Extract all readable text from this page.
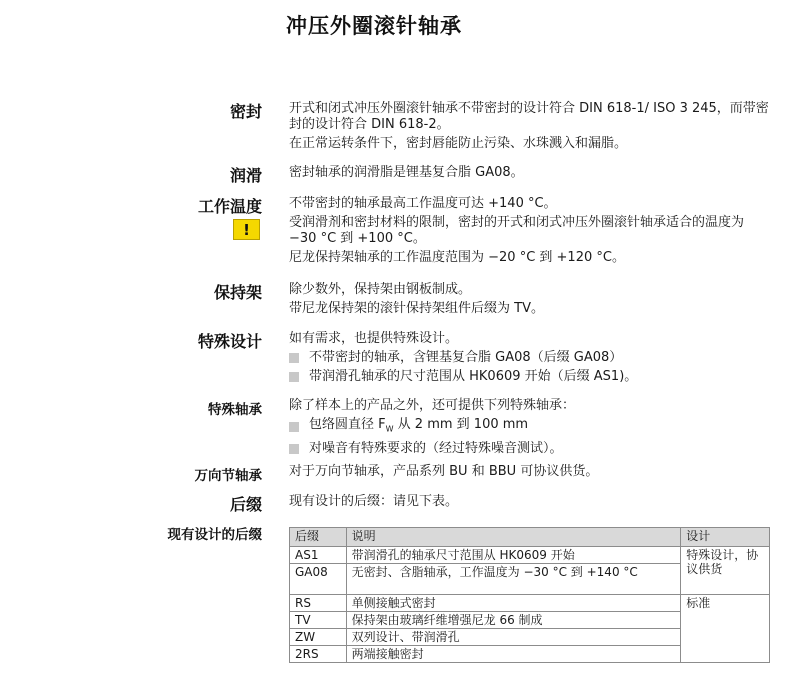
冲压外圈滚针轴承
密封 开式和闭式冲压外圈滚针轴承不带密封的设计符合 DIN 618-1/ ISO 3 245，而带密封的设计符合 DIN 618-2。

在正常运转条件下，密封唇能防止污染、水珠溅入和漏脂。

润滑 密封轴承的润滑脂是锂基复合脂 GA08。

工作温度
!

不带密封的轴承最高工作温度可达 +140 °C。

受润滑剂和密封材料的限制，密封的开式和闭式冲压外圈滚针轴承适合的温度为 −30 °C 到 +100 °C。

尼龙保持架轴承的工作温度范围为 −20 °C 到 +120 °C。

保持架 除少数外，保持架由钢板制成。

带尼龙保持架的滚针保持架组件后缀为 TV。

特殊设计 如有需求，也提供特殊设计。

不带密封的轴承，含锂基复合脂 GA08（后缀 GA08）
带润滑孔轴承的尺寸范围从 HK0609 开始（后缀 AS1)。
特殊轴承 除了样本上的产品之外，还可提供下列特殊轴承：

包络圆直径 $F_W$ 从 2 mm 到 100 mm
对噪音有特殊要求的（经过特殊噪音测试）。
万向节轴承 对于万向节轴承，产品系列 BU 和 BBU 可协议供货。

后缀 现有设计的后缀：请见下表。

现有设计的后缀	后缀	说明	设计
AS1	带润滑孔的轴承尺寸范围从 HK0609 开始	特殊设计，协议供货
GA08	无密封、含脂轴承，工作温度为 −30 °C 到 +140 °C	
RS	单侧接触式密封	标准
TV	保持架由玻璃纤维增强尼龙 66 制成	
ZW	双列设计、带润滑孔	
2RS	两端接触密封	
